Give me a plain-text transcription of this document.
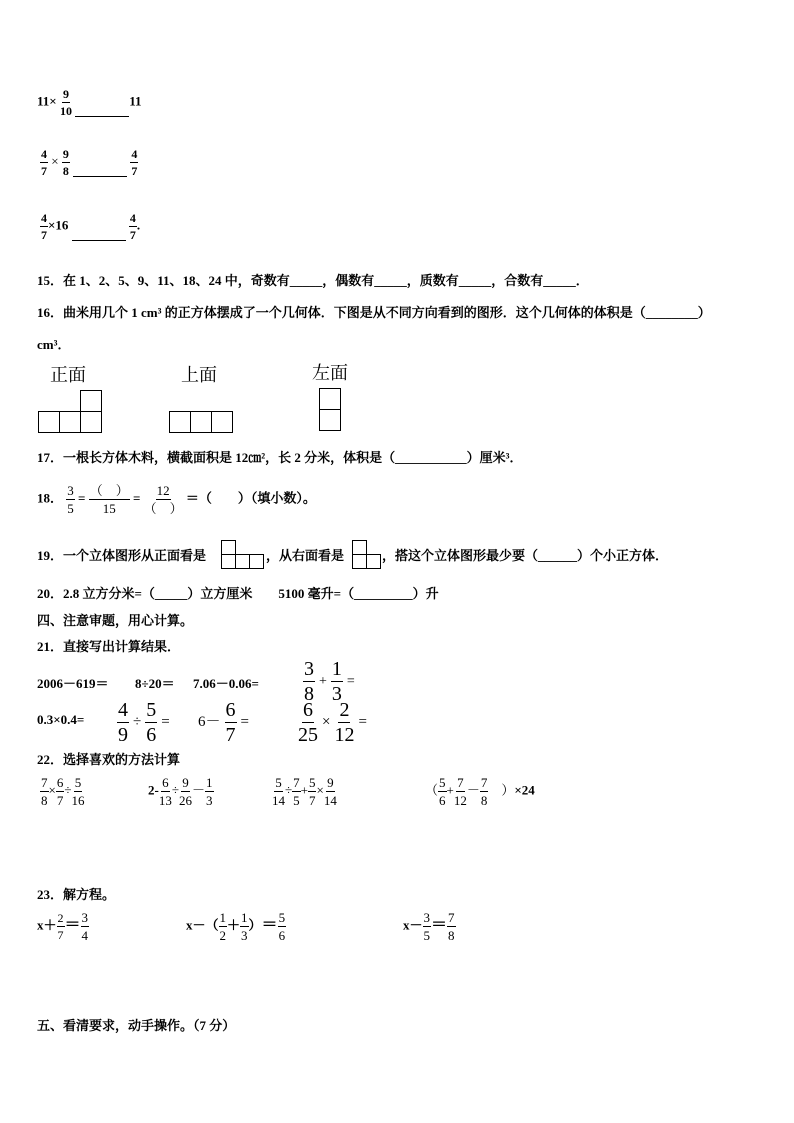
$11\times \frac{9}{10}$	11
$\frac{4}{7} \times \frac{9}{8}$
	$\frac{4}{7}$
$\frac{4}{7} \times 16$	$\frac{4}{7}$ .
15．在 1、2、5、9、11、18、24 中，奇数有_____，偶数有_____，质数有_____，合数有_____．
16．曲米用几个 1 cm³ 的正方体摆成了一个几何体．下图是从不同方向看到的图形．这个几何体的体积是（________）
cm³．
正面	上面	左面
17．一根长方体木料，横截面积是 12㎝²，长 2 分米，体积是（___________）厘米³．
18． $\frac{3}{5} = \frac{( )}{15} = \frac{12}{( )}$ ＝（　　）（填小数）。
19．一个立体图形从正面看是	，从右面看是	，搭这个立体图形最少要（______）个小正方体．
20．2.8 立方分米=（_____）立方厘米　　5100 毫升=（_________）升
四、注意审题，用心计算。
21．直接写出计算结果．
$2006-619= 8\div 20= 7.06-0.06= \frac{3}{8} + \frac{1}{3}$ =
$0.3\times 0.4= \frac{4}{9} \div \frac{5}{6} = 6- \frac{6}{7} = \frac{6}{25} \times \frac{2}{12}$ =
22．选择喜欢的方法计算
$\frac{7}{8} \times \frac{6}{7} \div \frac{5}{16}$	$2- \frac{6}{13} \div \frac{9}{26} - \frac{1}{3}$	$\frac{5}{14} \div \frac{7}{5} + \frac{5}{7} \times \frac{9}{14}$	（ $\frac{5}{6} + \frac{7}{12} - \frac{7}{8}$ 　）×24
23．解方程。
$x+ \frac{2}{7} = \frac{3}{4}$	$x-( \frac{1}{2} + \frac{1}{3}$ ）＝ $\frac{5}{6}$	$x- \frac{3}{5} = \frac{7}{8}$
五、看清要求，动手操作。（7 分）
